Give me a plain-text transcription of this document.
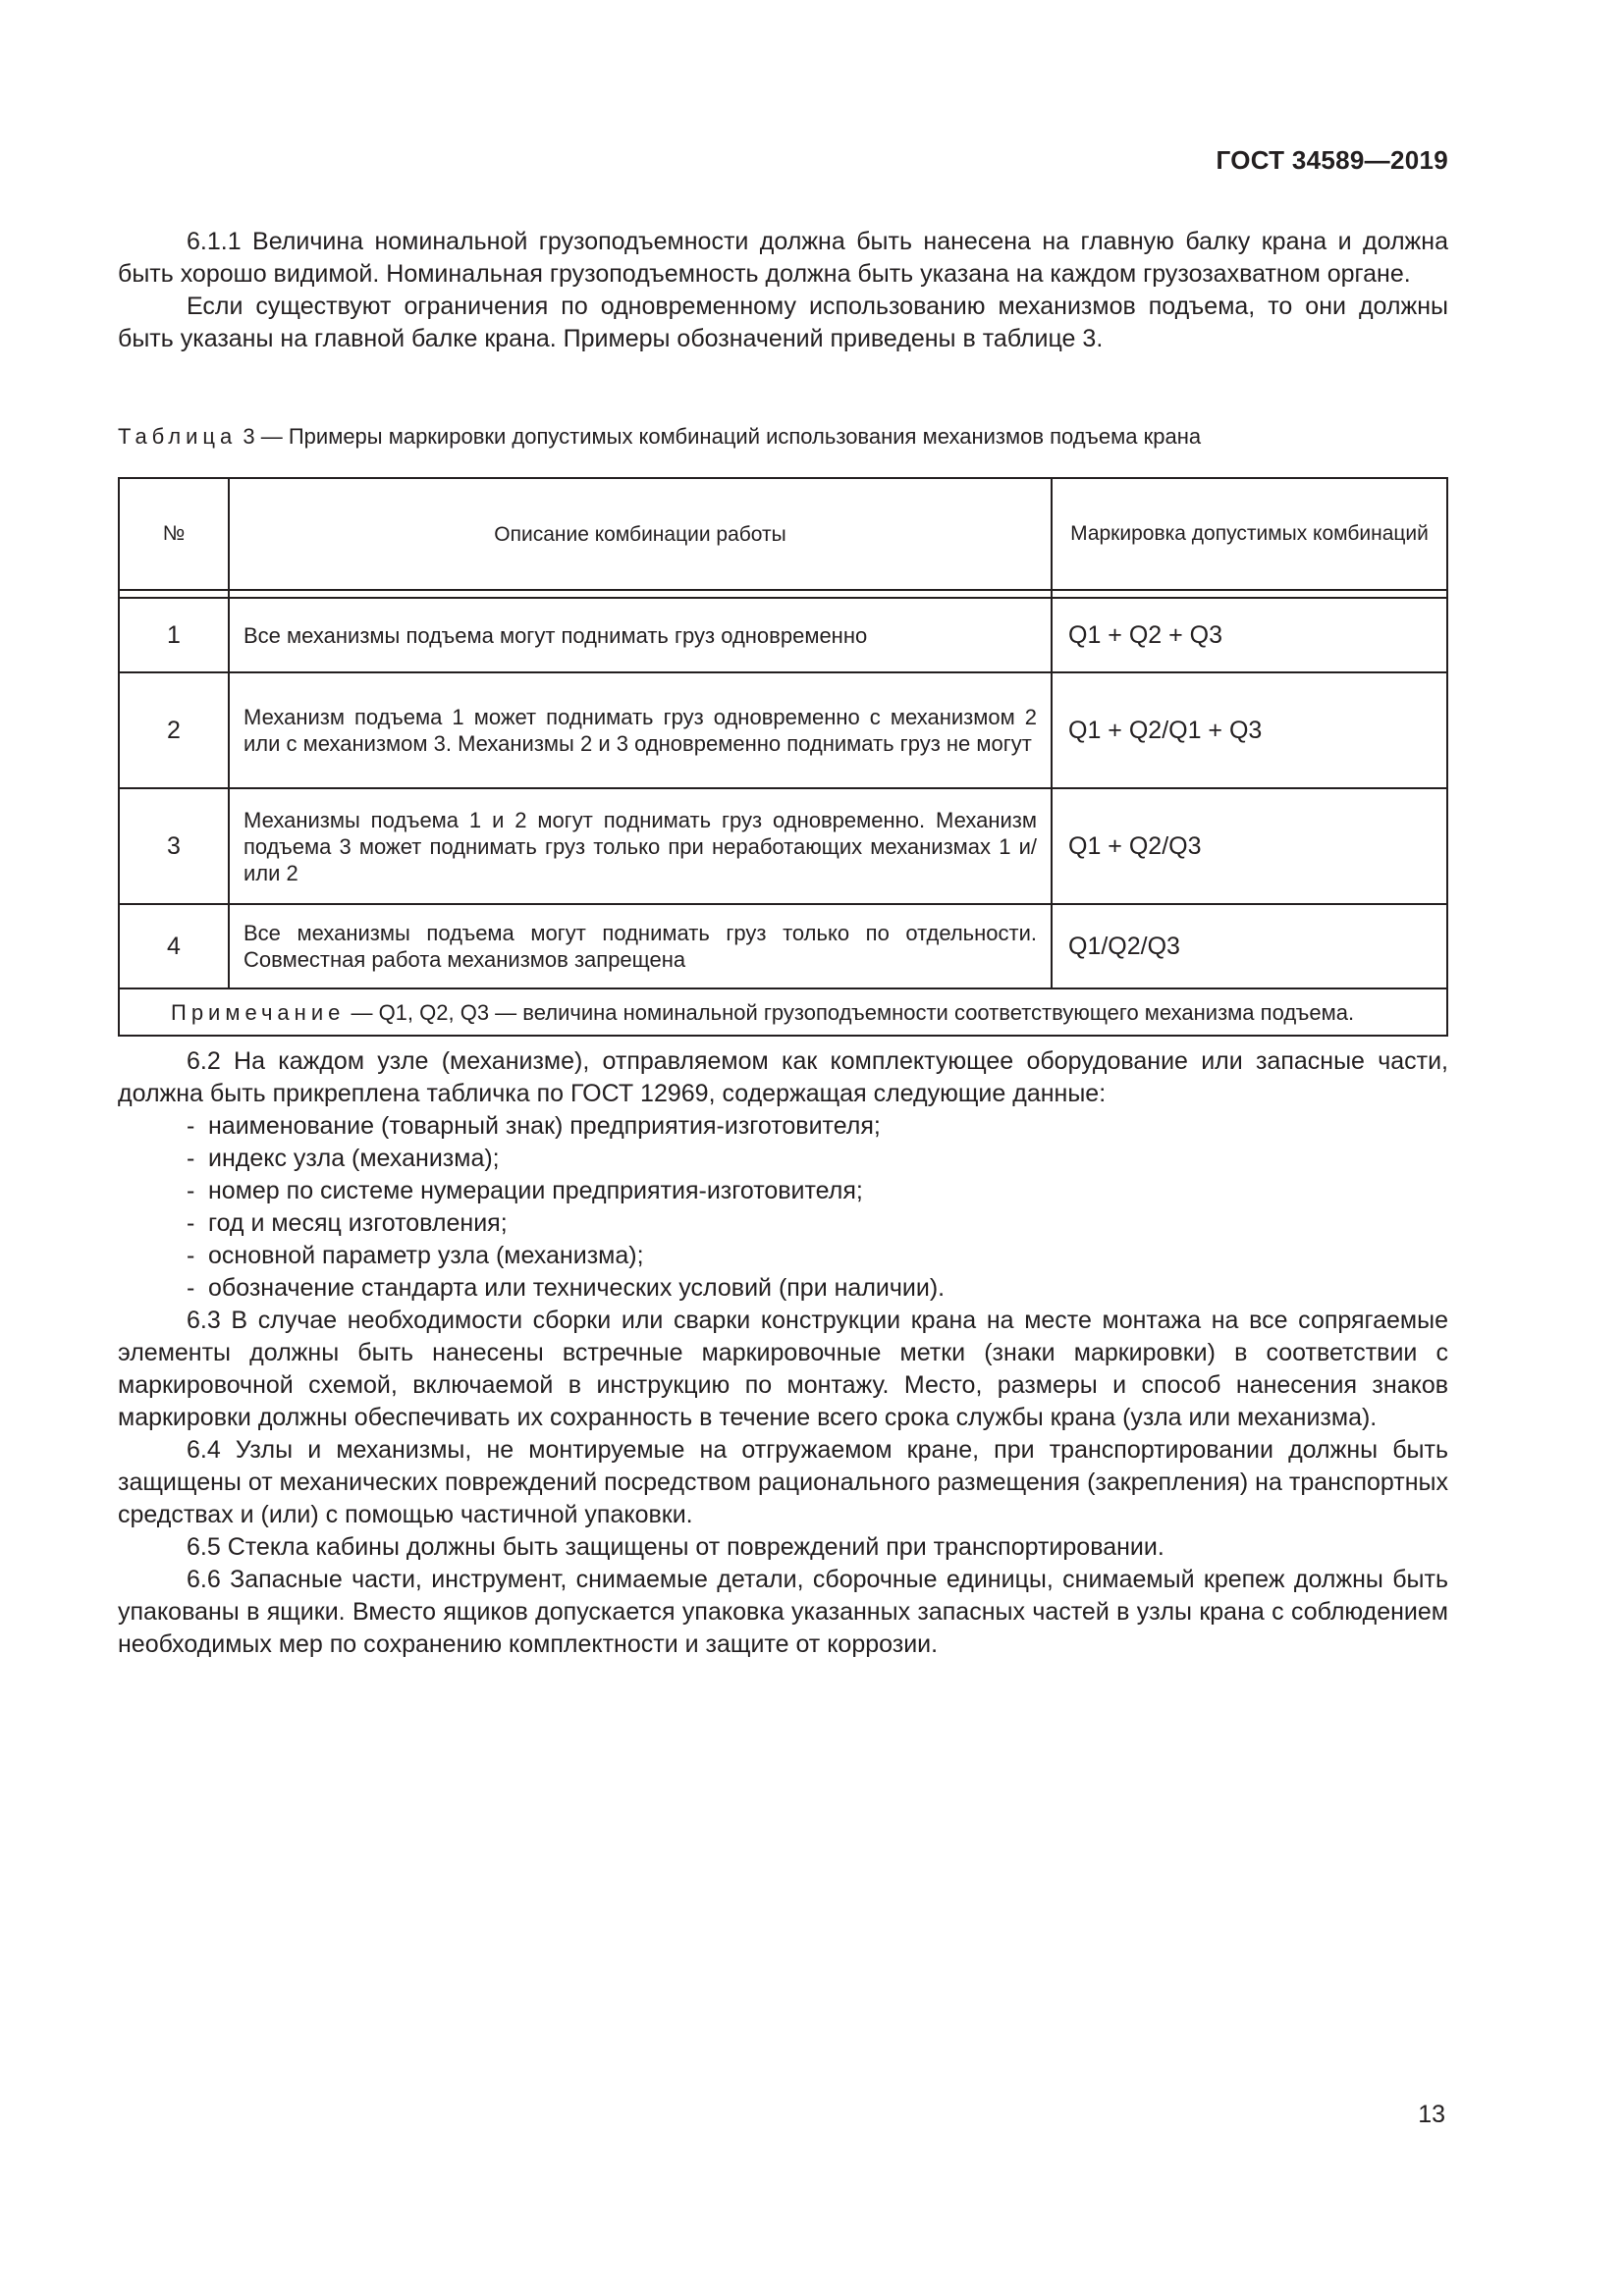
ГОСТ 34589—2019

6.1.1 Величина номинальной грузоподъемности должна быть нанесена на главную балку крана и должна быть хорошо видимой. Номинальная грузоподъемность должна быть указана на каждом грузозахватном органе.

Если существуют ограничения по одновременному использованию механизмов подъема, то они должны быть указаны на главной балке крана. Примеры обозначений приведены в таблице 3.

Таблица 3 — Примеры маркировки допустимых комбинаций использования механизмов подъема крана
№	Описание комбинации работы	Маркировка допустимых комбинаций

1	Все механизмы подъема могут поднимать груз одновременно	Q1 + Q2 + Q3
2	Механизм подъема 1 может поднимать груз одновременно с механизмом 2 или с механизмом 3. Механизмы 2 и 3 одновременно поднимать груз не могут	Q1 + Q2/Q1 + Q3
3	Механизмы подъема 1 и 2 могут поднимать груз одновременно. Механизм подъема 3 может поднимать груз только при неработающих механизмах 1 и/или 2	Q1 + Q2/Q3
4	Все механизмы подъема могут поднимать груз только по отдельности. Совместная работа механизмов запрещена	Q1/Q2/Q3
Примечание — Q1, Q2, Q3 — величина номинальной грузоподъемности соответствующего механизма подъема.		

6.2 На каждом узле (механизме), отправляемом как комплектующее оборудование или запасные части, должна быть прикреплена табличка по ГОСТ 12969, содержащая следующие данные:

- наименование (товарный знак) предприятия-изготовителя;
- индекс узла (механизма);
- номер по системе нумерации предприятия-изготовителя;
- год и месяц изготовления;
- основной параметр узла (механизма);
- обозначение стандарта или технических условий (при наличии).

6.3 В случае необходимости сборки или сварки конструкции крана на месте монтажа на все сопрягаемые элементы должны быть нанесены встречные маркировочные метки (знаки маркировки) в соответствии с маркировочной схемой, включаемой в инструкцию по монтажу. Место, размеры и способ нанесения знаков маркировки должны обеспечивать их сохранность в течение всего срока службы крана (узла или механизма).

6.4 Узлы и механизмы, не монтируемые на отгружаемом кране, при транспортировании должны быть защищены от механических повреждений посредством рационального размещения (закрепления) на транспортных средствах и (или) с помощью частичной упаковки.

6.5 Стекла кабины должны быть защищены от повреждений при транспортировании.

6.6 Запасные части, инструмент, снимаемые детали, сборочные единицы, снимаемый крепеж должны быть упакованы в ящики. Вместо ящиков допускается упаковка указанных запасных частей в узлы крана с соблюдением необходимых мер по сохранению комплектности и защите от коррозии.

13
